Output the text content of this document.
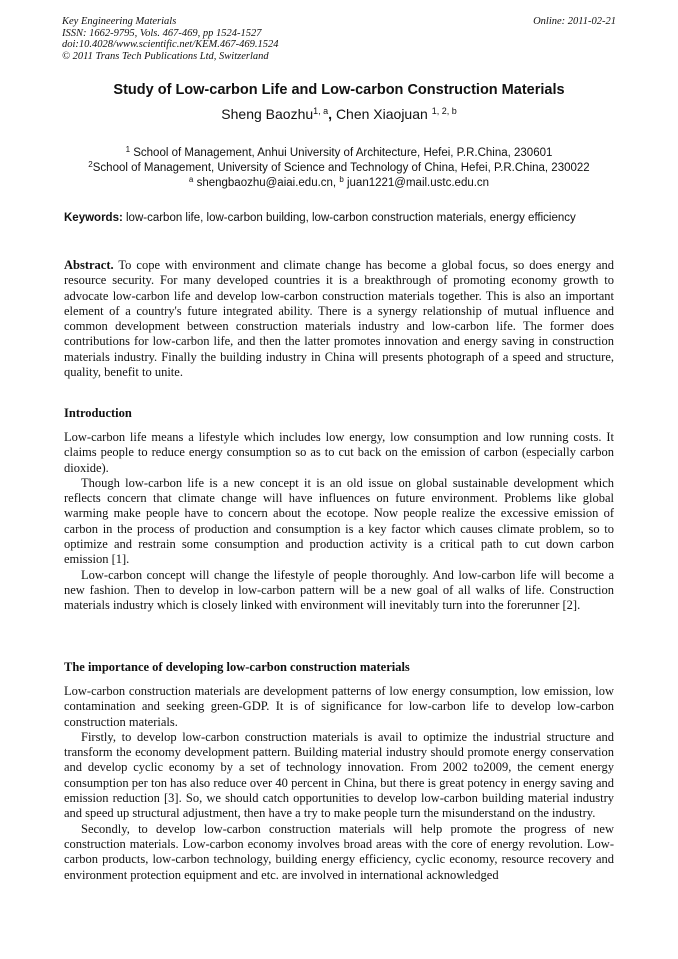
Key Engineering Materials
ISSN: 1662-9795, Vols. 467-469, pp 1524-1527
doi:10.4028/www.scientific.net/KEM.467-469.1524
© 2011 Trans Tech Publications Ltd, Switzerland
Online: 2011-02-21
Study of Low-carbon Life and Low-carbon Construction Materials
Sheng Baozhu$^{1, a}$, Chen Xiaojuan $^{1, 2, b}$
$^1$ School of Management, Anhui University of Architecture, Hefei, P.R.China, 230601
$^2$School of Management, University of Science and Technology of China, Hefei, P.R.China, 230022
$^a$ shengbaozhu@aiai.edu.cn, $^b$ juan1221@mail.ustc.edu.cn
Keywords: low-carbon life, low-carbon building, low-carbon construction materials, energy efficiency

Abstract. To cope with environment and climate change has become a global focus, so does energy and resource security. For many developed countries it is a breakthrough of promoting economy growth to advocate low-carbon life and develop low-carbon construction materials together. This is also an important element of a country's future integrated ability. There is a synergy relationship of mutual influence and common development between construction materials industry and low-carbon life. The former does contributions for low-carbon life, and then the latter promotes innovation and energy saving in construction materials industry. Finally the building industry in China will presents photograph of a speed and structure, quality, benefit to unite.

Introduction

Low-carbon life means a lifestyle which includes low energy, low consumption and low running costs. It claims people to reduce energy consumption so as to cut back on the emission of carbon (especially carbon dioxide).

Though low-carbon life is a new concept it is an old issue on global sustainable development which reflects concern that climate change will have influences on future environment. Problems like global warming make people have to concern about the ecotope. Now people realize the excessive emission of carbon in the process of production and consumption is a key factor which causes climate problem, so to optimize and restrain some consumption and production activity is a critical path to cut down carbon emission [1].

Low-carbon concept will change the lifestyle of people thoroughly. And low-carbon life will become a new fashion. Then to develop in low-carbon pattern will be a new goal of all walks of life. Construction materials industry which is closely linked with environment will inevitably turn into the forerunner [2].

The importance of developing low-carbon construction materials

Low-carbon construction materials are development patterns of low energy consumption, low emission, low contamination and seeking green-GDP. It is of significance for low-carbon life to develop low-carbon construction materials.

Firstly, to develop low-carbon construction materials is avail to optimize the industrial structure and transform the economy development pattern. Building material industry should promote energy conservation and develop cyclic economy by a set of technology innovation. From 2002 to2009, the cement energy consumption per ton has also reduce over 40 percent in China, but there is great potency in energy saving and emission reduction [3]. So, we should catch opportunities to develop low-carbon building material industry and speed up structural adjustment, then have a try to make people turn the misunderstand on the industry.

Secondly, to develop low-carbon construction materials will help promote the progress of new construction materials. Low-carbon economy involves broad areas with the core of energy revolution. Low-carbon products, low-carbon technology, building energy efficiency, cyclic economy, resource recovery and environment protection equipment and etc. are involved in international acknowledged
